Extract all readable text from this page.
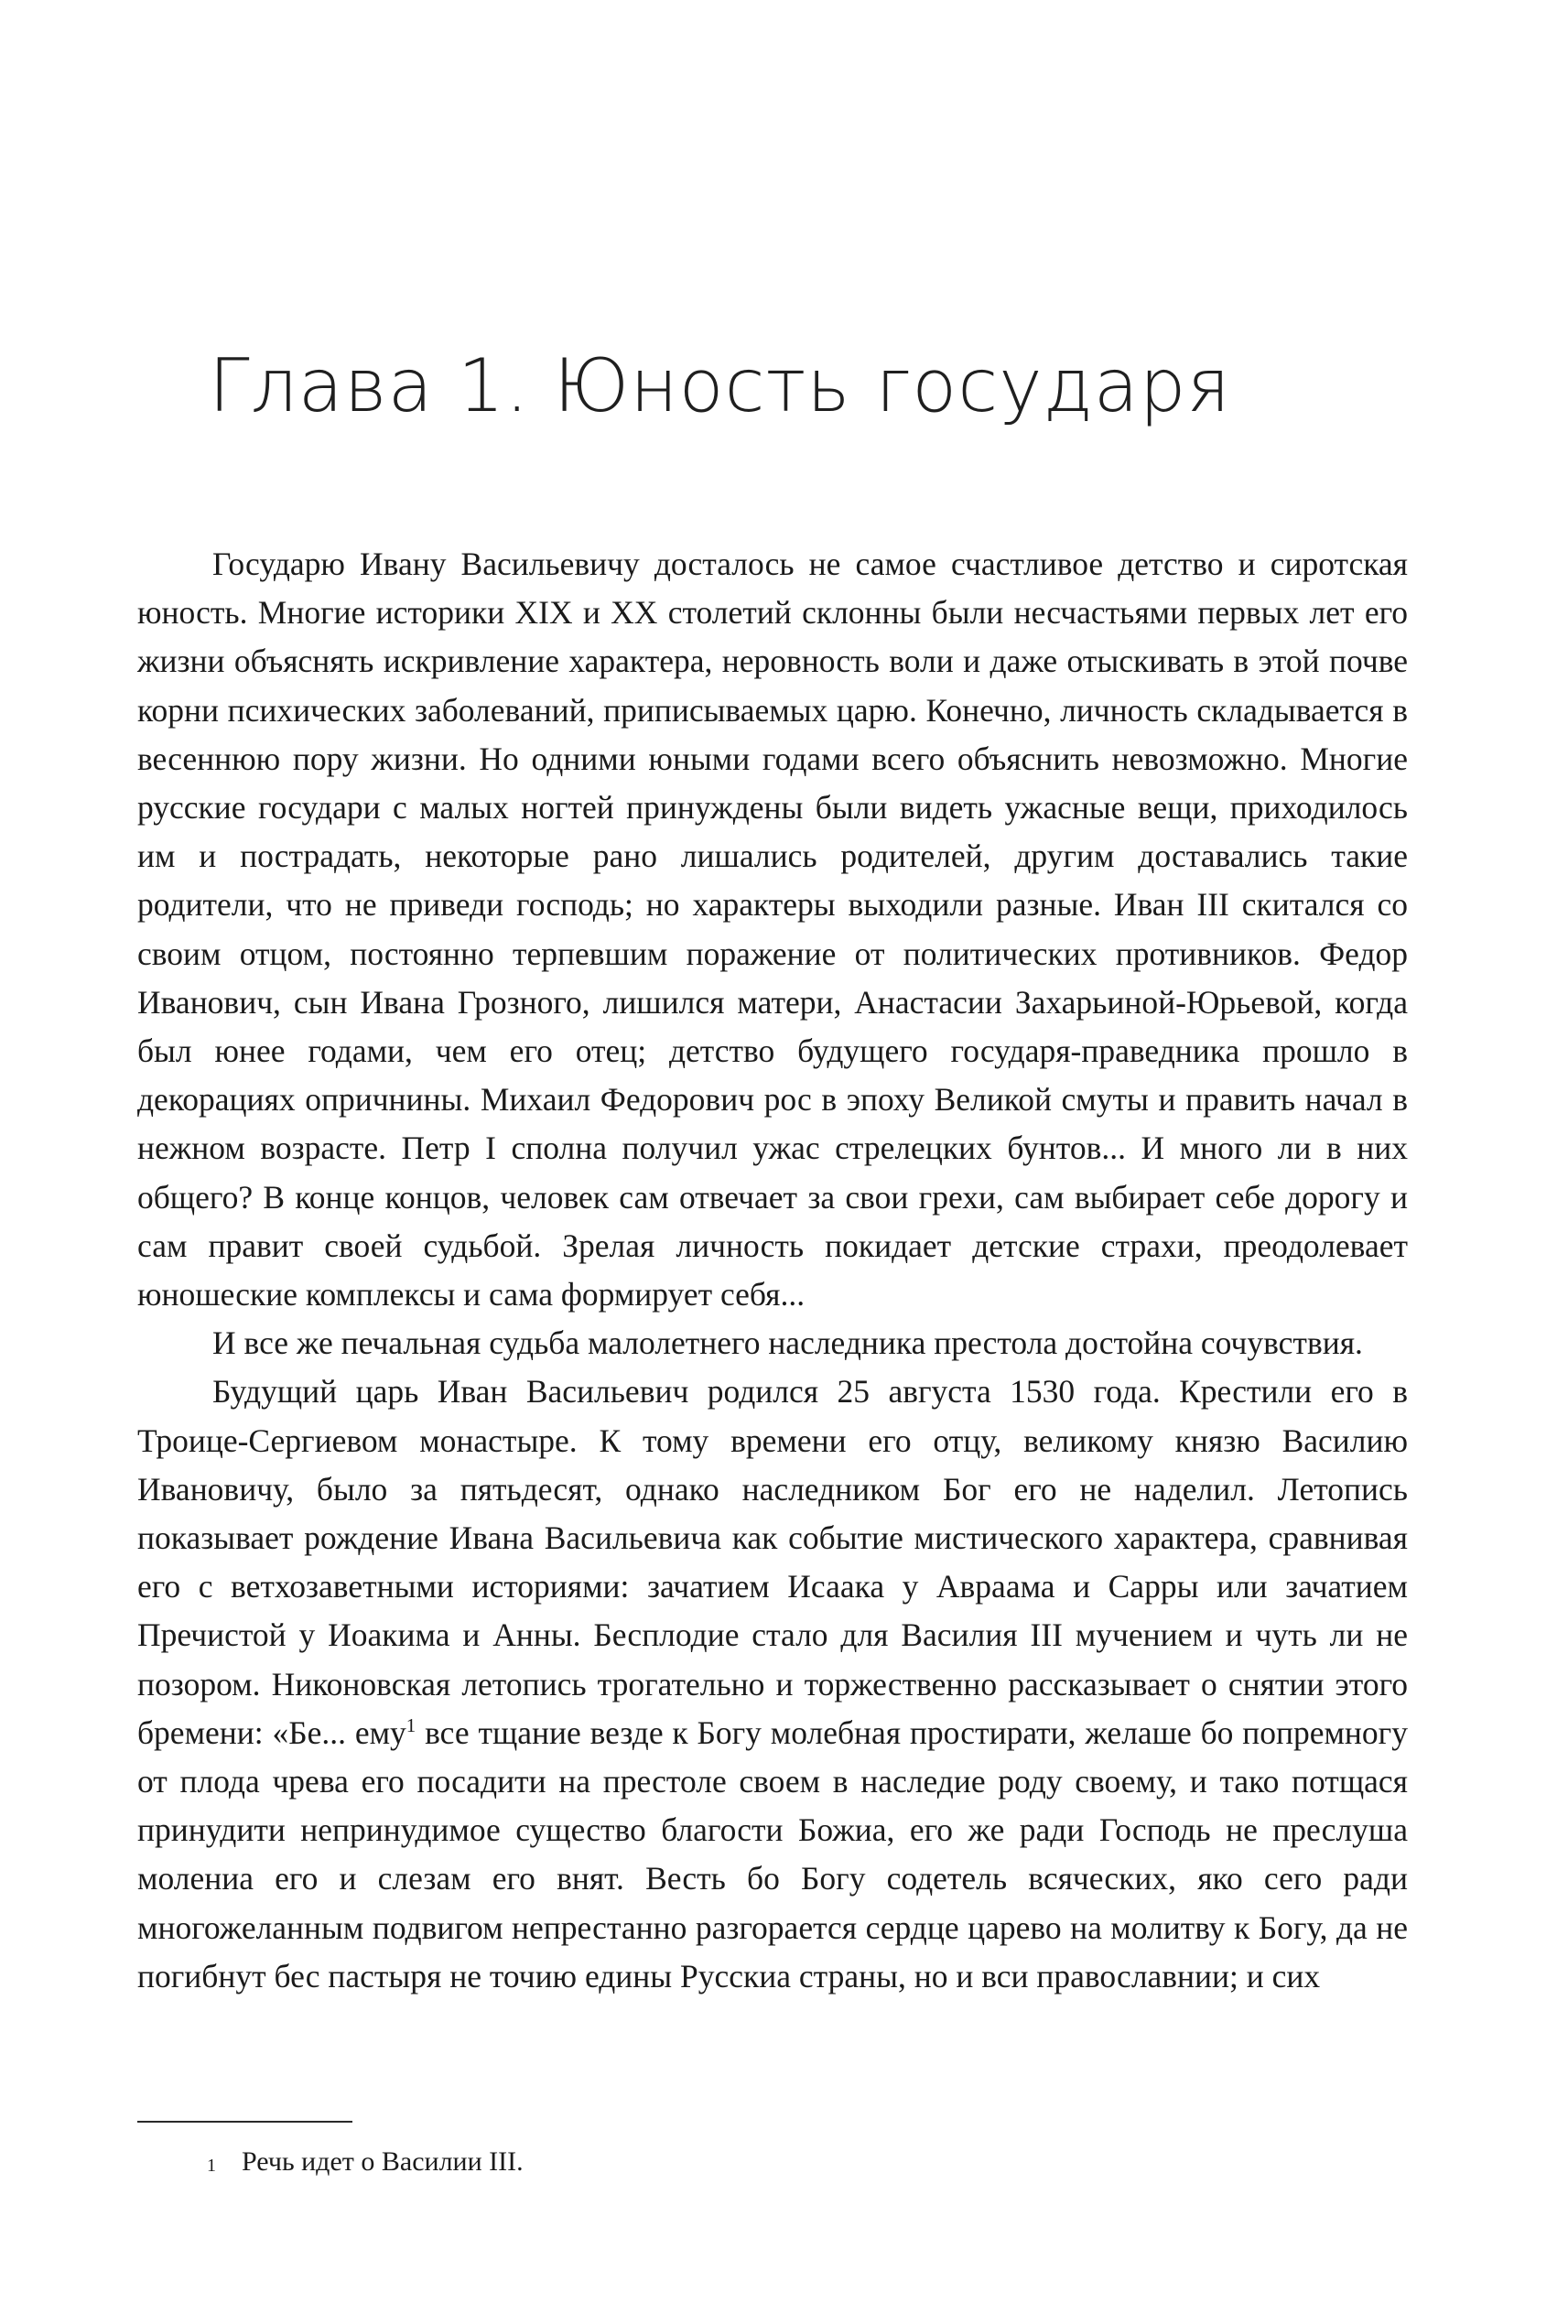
Глава 1. Юность государя

Государю Ивану Васильевичу досталось не самое счастливое детство и сиротская юность. Многие историки XIX и XX столетий склонны были несчастьями первых лет его жизни объяснять искривление характера, неровность воли и даже отыскивать в этой почве корни психических заболеваний, приписываемых царю. Конечно, личность складывается в весеннюю пору жизни. Но одними юными годами всего объяснить невозможно. Многие русские государи с малых ногтей принуждены были видеть ужасные вещи, приходилось им и пострадать, некоторые рано лишались родителей, другим доставались такие родители, что не приведи господь; но характеры выходили разные. Иван III скитался со своим отцом, постоянно терпевшим поражение от политических противников. Федор Иванович, сын Ивана Грозного, лишился матери, Анастасии Захарьиной-Юрьевой, когда был юнее годами, чем его отец; детство будущего государя-праведника прошло в декорациях опричнины. Михаил Федорович рос в эпоху Великой смуты и править начал в нежном возрасте. Петр I сполна получил ужас стрелецких бунтов... И много ли в них общего? В конце концов, человек сам отвечает за свои грехи, сам выбирает себе дорогу и сам правит своей судьбой. Зрелая личность покидает детские страхи, преодолевает юношеские комплексы и сама формирует себя...

И все же печальная судьба малолетнего наследника престола достойна сочувствия.

Будущий царь Иван Васильевич родился 25 августа 1530 года. Крестили его в Троице-Сергиевом монастыре. К тому времени его отцу, великому князю Василию Ивановичу, было за пятьдесят, однако наследником Бог его не наделил. Летопись показывает рождение Ивана Васильевича как событие мистического характера, сравнивая его с ветхозаветными историями: зачатием Исаака у Авраама и Сарры или зачатием Пречистой у Иоакима и Анны. Бесплодие стало для Василия III мучением и чуть ли не позором. Никоновская летопись трогательно и торжественно рассказывает о снятии этого бремени: «Бе... ему$^1$ все тщание везде к Богу молебная простирати, желаше бо попремногу от плода чрева его посадити на престоле своем в наследие роду своему, и тако потщася принудити непринудимое существо благости Божиа, его же ради Господь не преслуша молениа его и слезам его внят. Весть бо Богу содетель всяческих, яко сего ради многожеланным подвигом непрестанно разгорается сердце царево на молитву к Богу, да не погибнут бес пастыря не точию едины Русскиа страны, но и вси православнии; и сих

$^1$ Речь идет о Василии III.
